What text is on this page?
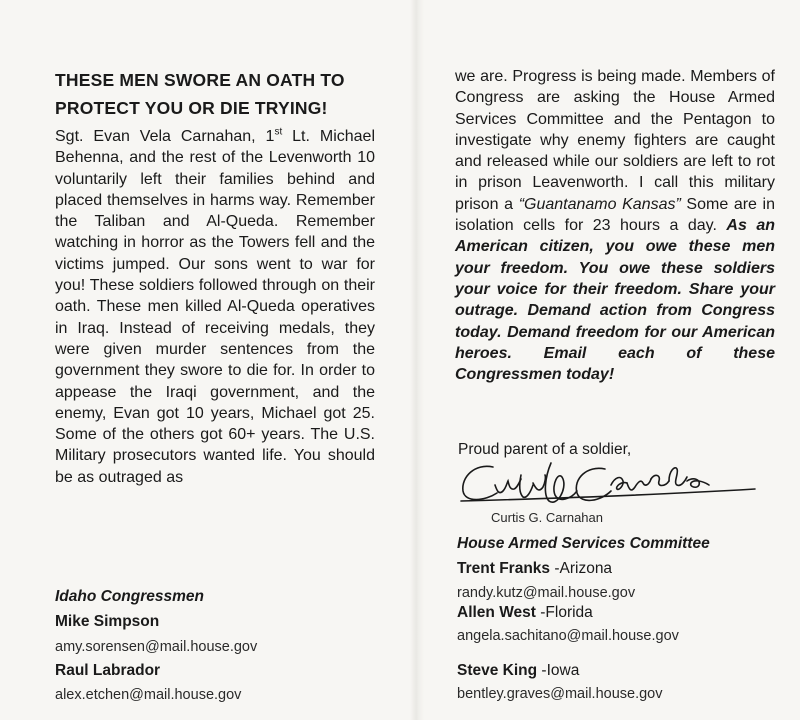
THESE MEN SWORE AN OATH TO
PROTECT YOU OR DIE TRYING!

Sgt. Evan Vela Carnahan, 1st Lt. Michael Behenna, and the rest of the Levenworth 10 voluntarily left their families behind and placed themselves in harms way. Remember the Taliban and Al-Queda. Remember watching in horror as the Towers fell and the victims jumped. Our sons went to war for you! These soldiers followed through on their oath. These men killed Al-Queda operatives in Iraq. Instead of receiving medals, they were given murder sentences from the government they swore to die for. In order to appease the Iraqi government, and the enemy, Evan got 10 years, Michael got 25. Some of the others got 60+ years. The U.S. Military prosecutors wanted life. You should be as outraged as

Idaho Congressmen

Mike Simpson

amy.sorensen@mail.house.gov

Raul Labrador

alex.etchen@mail.house.gov

we are. Progress is being made. Members of Congress are asking the House Armed Services Committee and the Pentagon to investigate why enemy fighters are caught and released while our soldiers are left to rot in prison Leavenworth. I call this military prison a “Guantanamo Kansas” Some are in isolation cells for 23 hours a day. As an American citizen, you owe these men your freedom. You owe these soldiers your voice for their freedom. Share your outrage. Demand action from Congress today. Demand freedom for our American heroes. Email each of these Congressmen today!

Proud parent of a soldier,

Curtis G. Carnahan

House Armed Services Committee

Trent Franks -Arizona

randy.kutz@mail.house.gov

Allen West -Florida

angela.sachitano@mail.house.gov

Steve King -Iowa

bentley.graves@mail.house.gov
